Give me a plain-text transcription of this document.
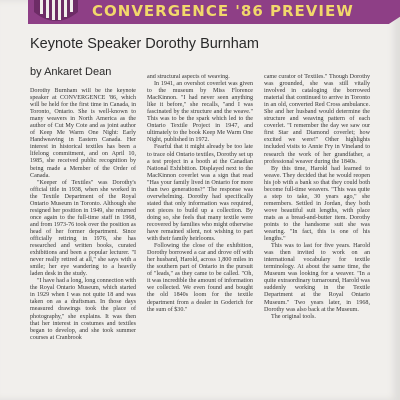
CONVERGENCE '86 PREVIEW
Keynote Speaker Dorothy Burnham
by Ankaret Dean

Dorothy Burnham will be the keynote speaker at CONVERGENCE '86, which will be held for the first time in Canada, in Toronto, Ontario. She is well-known to many weavers in North America as the author of Cut My Cote and as joint author of Keep Me Warm One Night: Early Handweaving in Eastern Canada. Her interest in historical textiles has been a lifelong commitment, and on April 10, 1985, she received public recognition by being made a Member of the Order of Canada.

"Keeper of Textiles" was Dorothy's official title in 1938, when she worked in the Textile Department of the Royal Ontario Museum in Toronto. Although she resigned her position in 1949, she returned once again to the full-time staff in 1968, and from 1973-76 took over the position as head of her former department. Since officially retiring in 1976, she has researched and written books, curated exhibitions and been a popular lecturer. "I never really retired at all," she says with a smile; her eye wandering to a heavily laden desk in the study.

"I have had a long, long connection with the Royal Ontario Museum, which started in 1929 when I was not quite 18 and was taken on as a draftsman. In those days measured drawings took the place of photography," she explains. It was then that her interest in costumes and textiles began to develop, and she took summer courses at Cranbrook

and structural aspects of weaving.

In 1941, an overshot coverlet was given to the museum by Miss Florence MacKinnon. "I had never seen anything like it before," she recalls, "and I was fascinated by the structure and the weave." This was to be the spark which led to the Ontario Textile Project in 1947, and ultimately to the book Keep Me Warm One Night, published in 1972.

Fearful that it might already be too late to trace old Ontario textiles, Dorothy set up a test project in a booth at the Canadian National Exhibition. Displayed next to the MacKinnon coverlet was a sign that read "Has your family lived in Ontario for more than two generations?" The response was overwhelming. Dorothy had specifically stated that only information was required, not pieces to build up a collection. By doing so, she feels that many textile were recovered by families who might otherwise have remained silent, not wishing to part with their family heirlooms.

Following the close of the exhibition, Dorothy borrowed a car and drove off with her husband, Harold, across 1,800 miles in the southern part of Ontario in the pursuit of "leads," as they came to be called. "Oh, it was incredible the amount of information we collected. We even found and bought the old 1840s loom for the textile department from a dealer in Goderich for the sum of $30."

came curator of Textiles." Though Dorothy was grounded, she was still vitally involved in cataloging the borrowed material that continued to arrive in Toronto in an old, converted Red Cross ambulance. She and her husband would determine the structure and weaving pattern of each coverlet. "I remember the day we saw our first Star and Diamond coverlet; how excited we were!" Other highlights included visits to Annie Fry in Vineland to research the work of her grandfather, a professional weaver during the 1840s.

By this time, Harold had learned to weave. They decided that he would reopen his job with a bank so that they could both become full-time weavers. "This was quite a step to take, 30 years ago," she remembers. Settled in Jordan, they both wove beautiful suit lengths, with place mats as a bread-and-butter item. Dorothy points to the handsome suit she was wearing. "In fact, this is one of his lengths."

This was to last for five years. Harold was then invited to work on an international vocabulary for textile terminology. At about the same time, the Museum was looking for a weaver. "In a quite extraordinary turnaround, Harold was suddenly working in the Textile Department at the Royal Ontario Museum." Two years later, in 1968, Dorothy was also back at the Museum.

The original tools.
